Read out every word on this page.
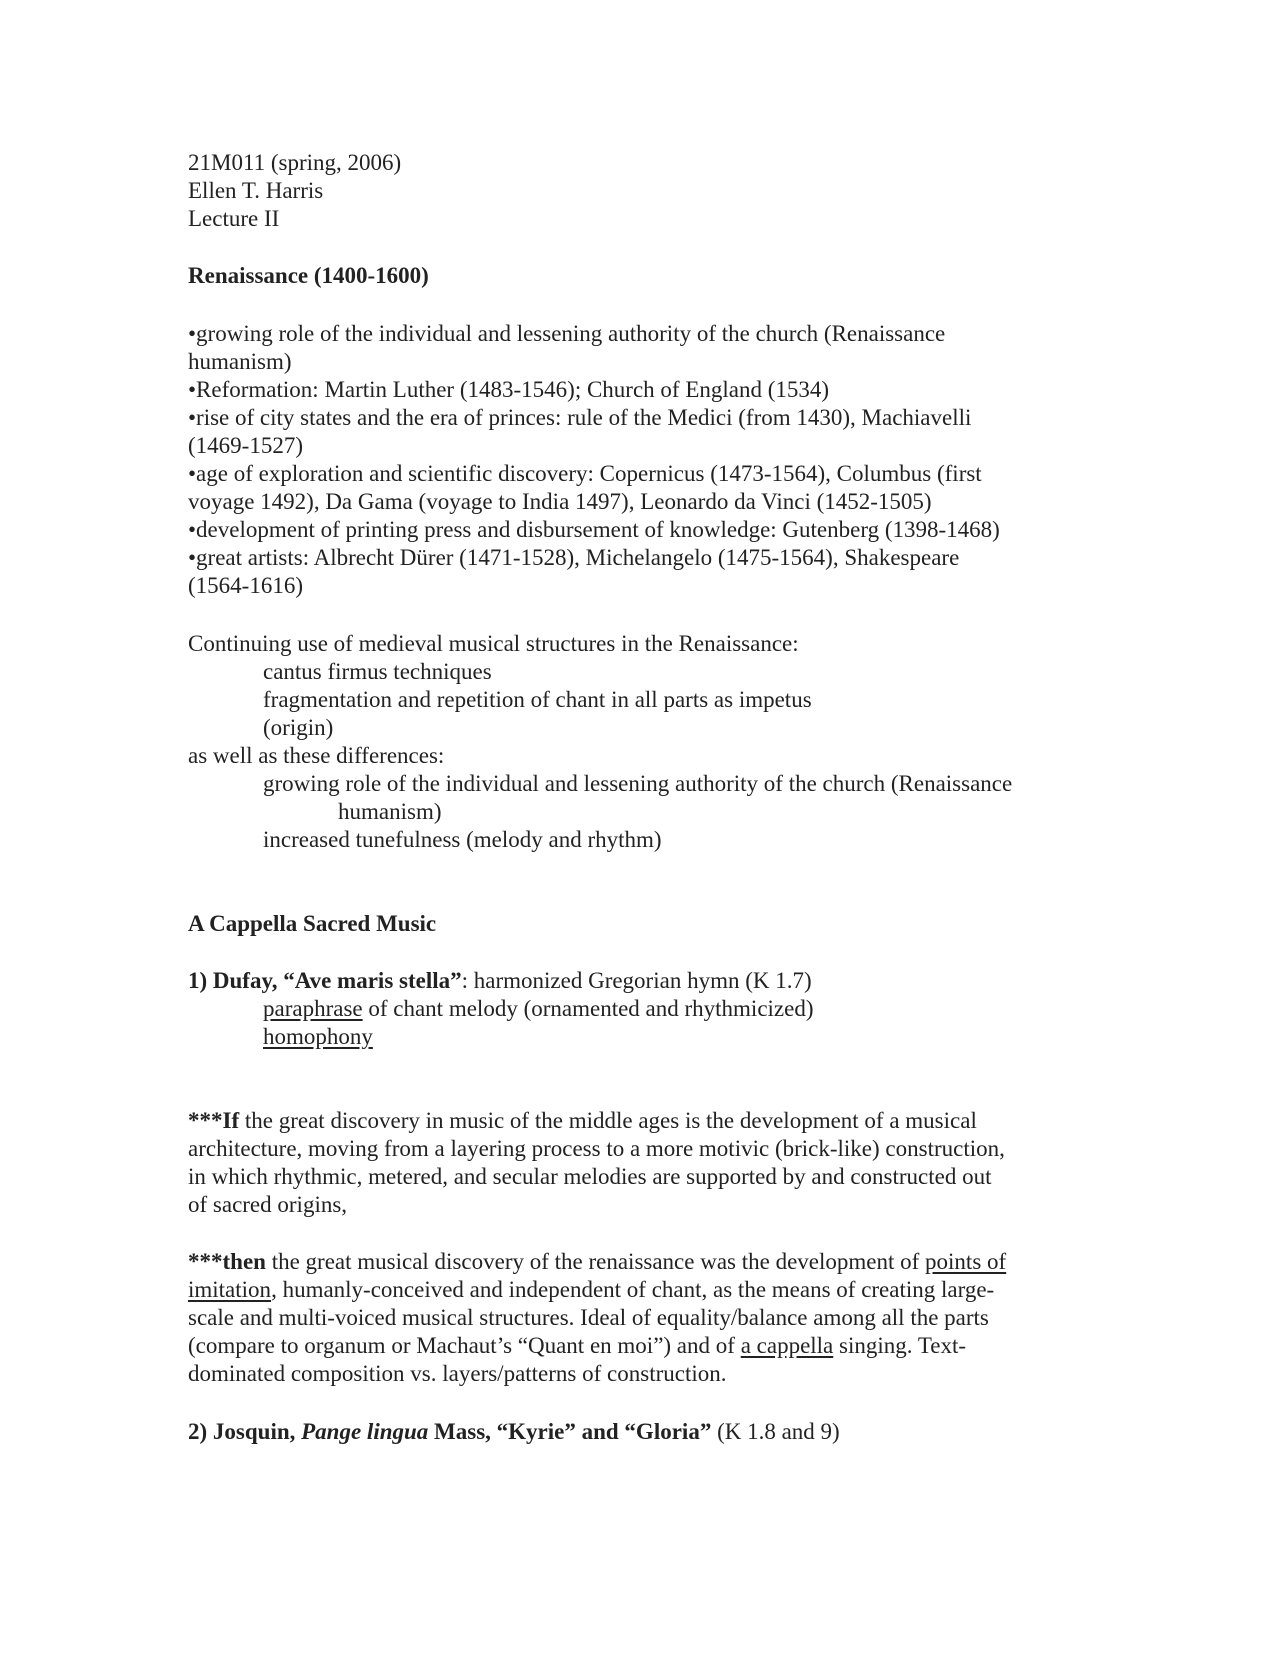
21M011 (spring, 2006)
Ellen T. Harris
Lecture II
Renaissance (1400-1600)
•growing role of the individual and lessening authority of the church (Renaissance
humanism)
•Reformation: Martin Luther (1483-1546); Church of England (1534)
•rise of city states and the era of princes: rule of the Medici (from 1430), Machiavelli
(1469-1527)
•age of exploration and scientific discovery: Copernicus (1473-1564), Columbus (first
voyage 1492), Da Gama (voyage to India 1497), Leonardo da Vinci (1452-1505)
•development of printing press and disbursement of knowledge: Gutenberg (1398-1468)
•great artists: Albrecht Dürer (1471-1528), Michelangelo (1475-1564), Shakespeare
(1564-1616)
Continuing use of medieval musical structures in the Renaissance:
cantus firmus techniques
fragmentation and repetition of chant in all parts as impetus
(origin)
as well as these differences:
growing role of the individual and lessening authority of the church (Renaissance
humanism)
increased tunefulness (melody and rhythm)
A Cappella Sacred Music
1) Dufay, “Ave maris stella”: harmonized Gregorian hymn (K 1.7)
paraphrase of chant melody (ornamented and rhythmicized)
homophony
***If the great discovery in music of the middle ages is the development of a musical
architecture, moving from a layering process to a more motivic (brick-like) construction,
in which rhythmic, metered, and secular melodies are supported by and constructed out
of sacred origins,
***then the great musical discovery of the renaissance was the development of points of
imitation, humanly-conceived and independent of chant, as the means of creating large-
scale and multi-voiced musical structures. Ideal of equality/balance among all the parts
(compare to organum or Machaut’s “Quant en moi”) and of a cappella singing. Text-
dominated composition vs. layers/patterns of construction.
2) Josquin, Pange lingua Mass, “Kyrie” and “Gloria” (K 1.8 and 9)
